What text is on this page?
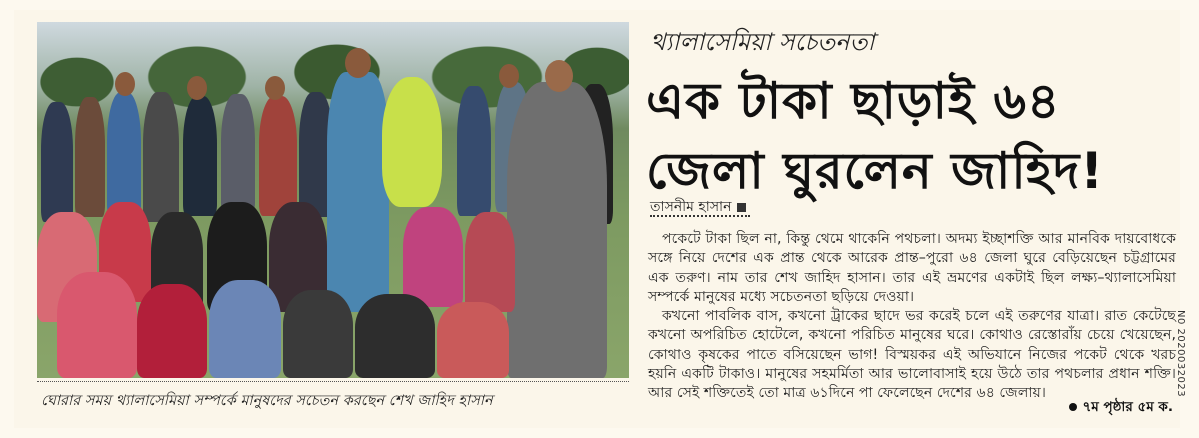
ঘোরার সময় থ্যালাসেমিয়া সম্পর্কে মানুষদের সচেতন করছেন শেখ জাহিদ হাসান
থ্যালাসেমিয়া সচেতনতা
এক টাকা ছাড়াই ৬৪
জেলা ঘুরলেন জাহিদ!
তাসনীম হাসান

পকেটে টাকা ছিল না, কিন্তু থেমে থাকেনি পথচলা। অদম্য ইচ্ছাশক্তি আর মানবিক দায়বোধকে সঙ্গে নিয়ে দেশের এক প্রান্ত থেকে আরেক প্রান্ত–পুরো ৬৪ জেলা ঘুরে বেড়িয়েছেন চট্টগ্রামের এক তরুণ। নাম তার শেখ জাহিদ হাসান। তার এই ভ্রমণের একটাই ছিল লক্ষ্য–থ্যালাসেমিয়া সম্পর্কে মানুষের মধ্যে সচেতনতা ছড়িয়ে দেওয়া।

কখনো পাবলিক বাস, কখনো ট্রাকের ছাদে ভর করেই চলে এই তরুণের যাত্রা। রাত কেটেছে কখনো অপরিচিত হোটেলে, কখনো পরিচিত মানুষের ঘরে। কোথাও রেস্তোরাঁয় চেয়ে খেয়েছেন, কোথাও কৃষকের পাতে বসিয়েছেন ভাগ! বিস্ময়কর এই অভিযানে নিজের পকেট থেকে খরচ হয়নি একটি টাকাও। মানুষের সহমর্মিতা আর ভালোবাসাই হয়ে উঠে তার পথচলার প্রধান শক্তি। আর সেই শক্তিতেই তো মাত্র ৬১দিনে পা ফেলেছেন দেশের ৬৪ জেলায়।

৭ম পৃষ্ঠার ৫ম ক.
N0 2020032023
